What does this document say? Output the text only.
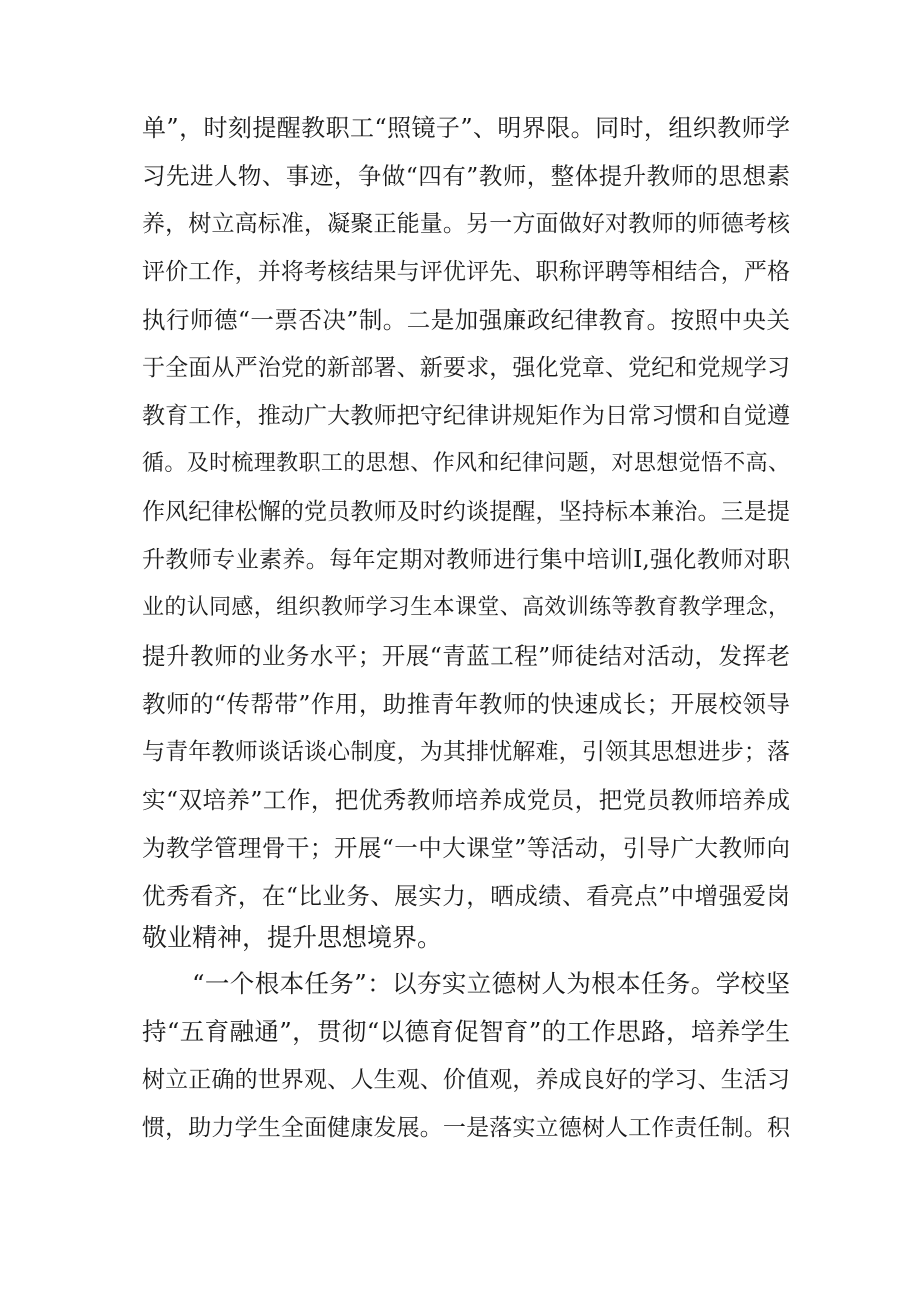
单”，时刻提醒教职工“照镜子”、明界限。同时，组织教师学
习先进人物、事迹，争做“四有”教师，整体提升教师的思想素
养，树立高标准，凝聚正能量。另一方面做好对教师的师德考核
评价工作，并将考核结果与评优评先、职称评聘等相结合，严格
执行师德“一票否决”制。二是加强廉政纪律教育。按照中央关
于全面从严治党的新部署、新要求，强化党章、党纪和党规学习
教育工作，推动广大教师把守纪律讲规矩作为日常习惯和自觉遵
循。及时梳理教职工的思想、作风和纪律问题，对思想觉悟不高、
作风纪律松懈的党员教师及时约谈提醒，坚持标本兼治。三是提
升教师专业素养。每年定期对教师进行集中培训I,强化教师对职
业的认同感，组织教师学习生本课堂、高效训练等教育教学理念，
提升教师的业务水平；开展“青蓝工程”师徒结对活动，发挥老
教师的“传帮带”作用，助推青年教师的快速成长；开展校领导
与青年教师谈话谈心制度，为其排忧解难，引领其思想进步；落
实“双培养”工作，把优秀教师培养成党员，把党员教师培养成
为教学管理骨干；开展“一中大课堂”等活动，引导广大教师向
优秀看齐，在“比业务、展实力，晒成绩、看亮点”中增强爱岗
敬业精神，提升思想境界。
“一个根本任务”：以夯实立德树人为根本任务。学校坚
持“五育融通”，贯彻“以德育促智育”的工作思路，培养学生
树立正确的世界观、人生观、价值观，养成良好的学习、生活习
惯，助力学生全面健康发展。一是落实立德树人工作责任制。积
